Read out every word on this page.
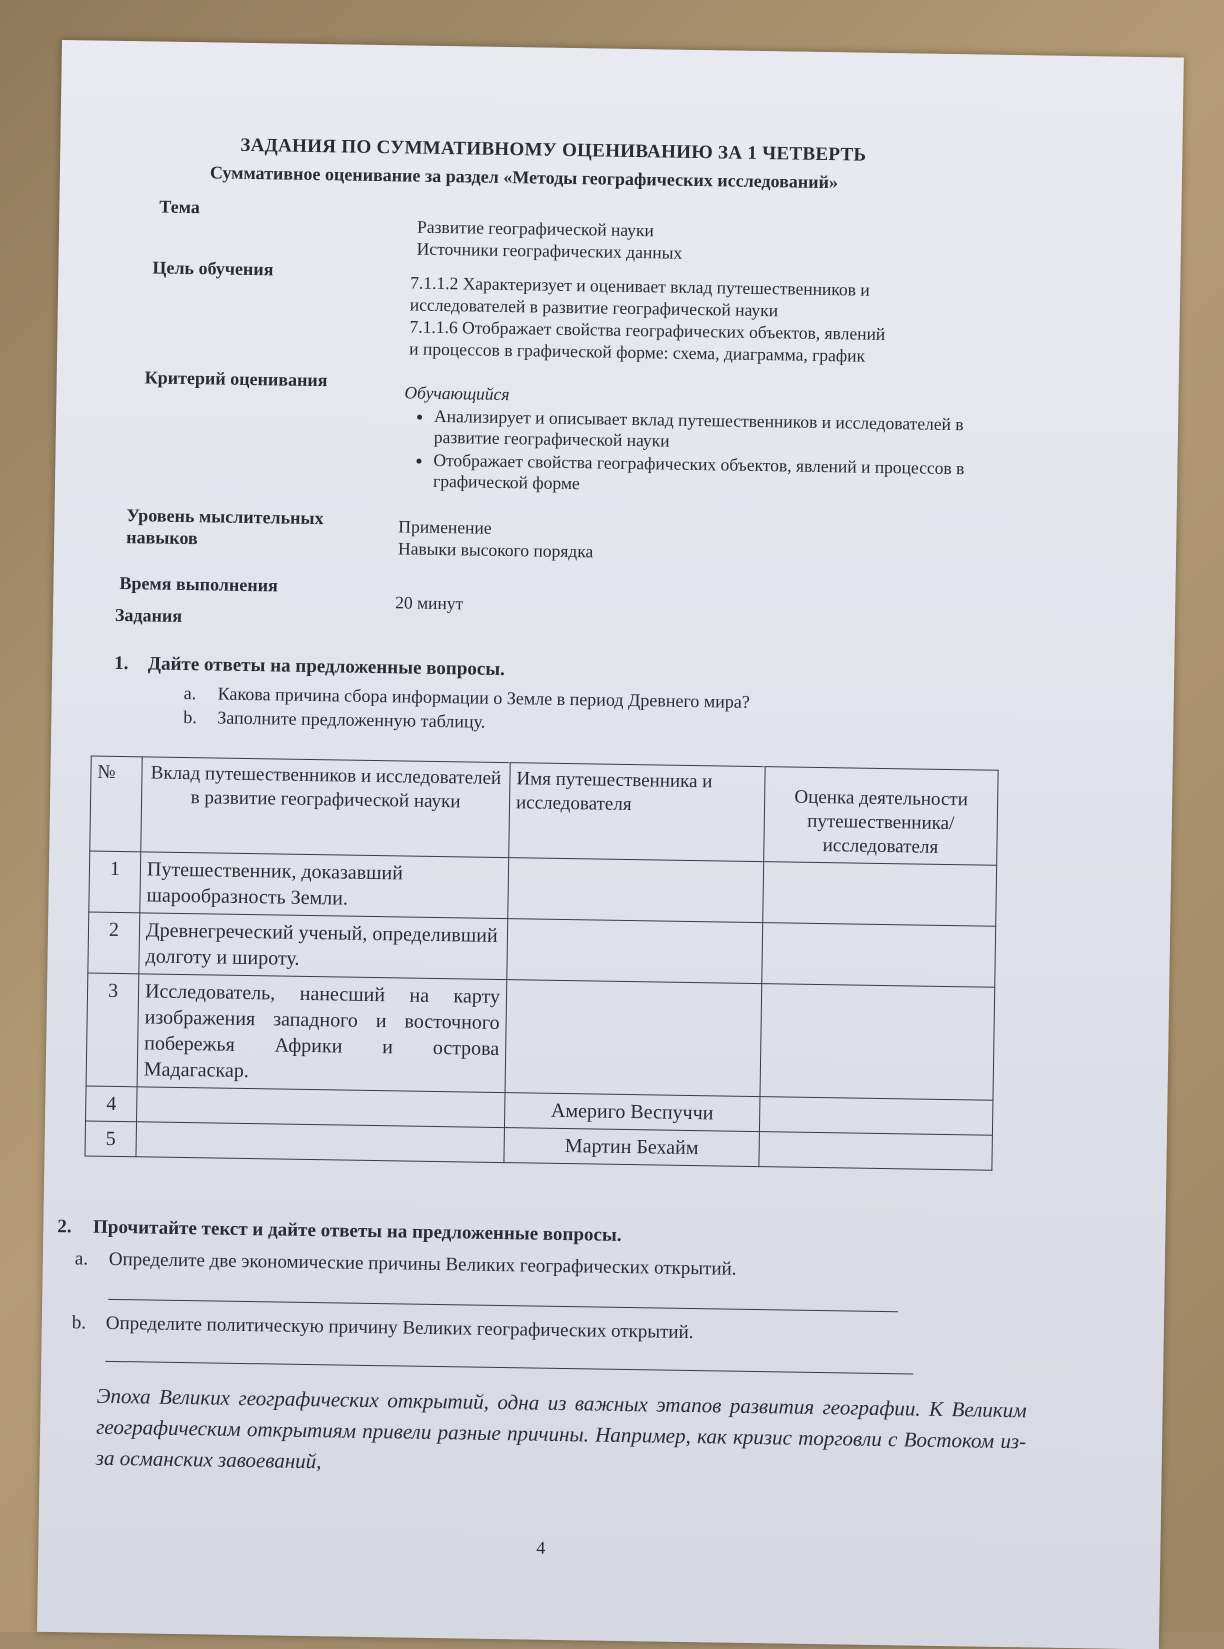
ЗАДАНИЯ ПО СУММАТИВНОМУ ОЦЕНИВАНИЮ ЗА 1 ЧЕТВЕРТЬ
Суммативное оценивание за раздел «Методы географических исследований»
Тема
Развитие географической науки
Источники географических данных
Цель обучения
7.1.1.2 Характеризует и оценивает вклад путешественников и
исследователей в развитие географической науки
7.1.1.6 Отображает свойства географических объектов, явлений
и процессов в графической форме: схема, диаграмма, график
Критерий оценивания
Обучающийся
• Анализирует и описывает вклад путешественников и исследователей в развитие географической науки
• Отображает свойства географических объектов, явлений и процессов в графической форме
Уровень мыслительных
навыков	Применение
Навыки высокого порядка
Время выполнения
20 минут
Задания
1. Дайте ответы на предложенные вопросы.
a. Какова причина сбора информации о Земле в период Древнего мира?
b. Заполните предложенную таблицу.
№	Вклад путешественников и исследователей в развитие географической науки	Имя путешественника и исследователя	Оценка деятельности путешественника/ исследователя
1	Путешественник, доказавший шарообразность Земли.		
2	Древнегреческий ученый, определивший долготу и широту.		
3	Исследователь, нанесший на карту изображения западного и восточного побережья Африки и острова Мадагаскар.		
4		Америго Веспуччи	
5		Мартин Бехайм	
2. Прочитайте текст и дайте ответы на предложенные вопросы.
a. Определите две экономические причины Великих географических открытий.
b. Определите политическую причину Великих географических открытий.
Эпоха Великих географических открытий, одна из важных этапов развития географии. К Великим географическим открытиям привели разные причины. Например, как кризис торговли с Востоком из-за османских завоеваний,
4
